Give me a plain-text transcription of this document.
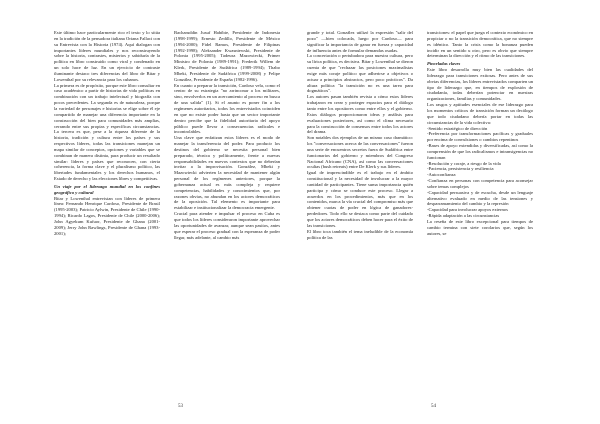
Este último hace particularmente rico el texto y lo sitúa en la tradición de la pensadora italiana Oriana Fallaci con su Entrevista con la Historia (1974). Aquí dialogan con importantes líderes mundiales y nos reconstruyendo sobre la historia, contrastes, misterios y sabiduría de la política en libro construido como viral y condenado en un solo hace de luz. En un ejercicio de contraste iluminante destaco tres diferencias del libro de Bitar y Lowenthal por su relevancia para los cubanos.

La primera es de propósito, porque este libro consultar en caso académico a partir de historias de vida políticas en combinación con un trabajo intelectual y biografía con pocos precedentes. La segunda es de naturaleza, porque la variedad de personajes e historias se elige sobre él eje compartido de manejar una diferencia importante en la construcción del bien para comunidades más amplias, cerrando entre sus propias y específicas circunstancias. La tercera es que, pese a la riqueza diferente de la historia, tradición y cultura entre los países y sus respectivos líderes, todas las transiciones manejan un mapa similar de conceptos, opciones y variables que se combinan de manera distinta, para producir un resultado similar: líderes y países que reconocen, con cierta coherencia, la forma clave y el pluralismo político, las libertades fundamentales y los derechos humanos, el Estado de derecho y las elecciones libres y competitivas.

Un viaje por el liderazgo mundial en los confines geográfico y cultural

Bitar y Lowenthal entrevistan con líderes de primera línea: Fernando Henrique Cardoso, Presidente de Brasil (1995-2003); Patricio Aylwin, Presidente de Chile (1990-1994); Ricardo Lagos, Presidente de Chile (2000-2006); John Agyekum Kufuor, Presidente de Ghana (2001-2009); Jerry John Rawlings, Presidente de Ghana (1993- 2001);

Bacharuddin Jusuf Habibie, Presidente de Indonesia (1998-1999); Ernesto Zedillo, Presidente de México (1994-2000); Fidel Ramos, Presidente de Filipinas (1992-1998); Aleksander Kwasniewski, Presidente de Polonia (1995-2005); Tadeusz Mazowiecki, Primer Ministro de Polonia (1989-1991); Frederik Willem de Klerk, Presidente de Sudáfrica (1989-1994); Thabo Mbeki, Presidente de Sudáfrica (1999-2008) y Felipe González, Presidente de España (1982-1996).

En cuanto a preparar la transición, Cardoso vela, como el centro de su estrategia "no arrinconar a los militares, sino, envolverlos en un acercamiento al proceso en busca de una salida" (1). Si el asunto es poner fin a los regímenes autoritarios, todos los entrevistados coinciden en que no existe poder hasta que un sector importante dentro percibe que la fidelidad autoritaria del apoyo público puede llevar a consecuencias radicales e incontrolables.

Una clave que enfatizan estos líderes es el modo de manejar la transferencia del poder. Para producir los destinos del gobierno se necesita personal bien preparado, técnica y políticamente, frente a nuevas responsabilidades en nuevos contextos que no deberían invitar a la improvisación. González, Mbeki y Mazowiecki advierten la necesidad de mantener algún personal de los regímenes anteriores, porque la gobernanza actual es más compleja y requiere competencias, habilidades y conocimientos que, por razones obvias, no abundan en los actores democráticos de la oposición. Tal elemento es importante para estabilizar e institucionalizar la democracia emergente.

Crucial para atender e impulsar el proceso en Cuba es que todos los líderes consideraron importante aprovechar las oportunidades de avanzar, aunque sean pasitos, antes que esperar el proceso gradual con la esperanza de poder llegar, más adelante, al cambio más

53

grande y total. González utilizó la expresión "salir del pozo" —bien colocada, luego por Cardoso— para significar la importancia de ganar en fuerza y capacidad de influencia antes de formular demandas osadas.

La concertación o pertubadora para nuestra cultura, pero su lírica política, es decisiva. Bitar y Lowenthal se dieron cuenta de que "rechazar las posiciones maximalistas exige más coraje político que adherirse a objetivos o actuar a principios abstractos, pero poco prácticos". Da altura política "la transición no es una tarea para dogmáticos".

Los autores pasan también revista a cómo estos líderes trabajaron en crear y proteger espacios para el diálogo tanto entre los opositores como entre ellos y el gobierno. Estos diálogos proporcionaron ideas y análisis para evaluaciones posteriores, así como el clima necesario para la construcción de consensos entre todos los actores del drama.

Son notables dos ejemplos de un mismo caso dramático: los "conversaciones acerca de las conversaciones" fueron una serie de encuentros secretos fuera de Sudáfrica entre funcionarios del gobierno y miembros del Congreso Nacional Africano (CNA), así como las conversaciones ocultas (bush retreats) entre De Klerk y sus líderes.

Igual de imprescindible es el trabajo en el ámbito constitucional y la necesidad de involucrar a la mayor cantidad de participantes. Tiene suma importancia quién participa y cómo se conduce este proceso. Llegar a acuerdos en los procedimientos, más que en los contenidos, marca la vía crucial del compromiso más que obtener cuotas de poder en lógica de ganadores-perdedores. Todo ello se destaca como parte del cuidado que los actores democráticos deben hacer para el éxito de las transiciones.

El libro toca también el tema ineludible de la economía política de las

transiciones: el papel que juega el contexto económico en propiciar o no la transición democrática, que no siempre es idéntico. Tanto la crisis como la bonanza pueden incidir en un sentido u otro, pero es obvio que siempre determinan la dirección y el ritmo de las transiciones.

Pinceladas claves

Este libro desarrolla muy bien las cualidades del liderazgo para transiciones exitosas. Pero antes de sus obvias diferencias, los líderes entrevistados comparten un tipo de liderazgo que, en tiempos de explosión de ciudadanía, todas deberían potenciar en nuestras organizaciones, familias y comunidades.

Los rasgos y aptitudes esenciales de ese liderazgo para los momentos críticos de transición forman un decálogo que todo ciudadano debería portar en todas las circunstancias de la vida colectiva:

-Sentido estratégico de dirección
-Preferencia por transformaciones pacíficas y graduales por encima de convulsiones o cambios repentinos
-Bases de apoyo extendidas y diversificadas, así como la comprensión de que los radicalismos e intransigencias no funcionan
-Resolución y coraje, a riesgo de la vida
-Paciencia, persistencia y resiliencia
-Autoconfianza
-Confianza en personas con competencia para aconsejar sobre temas complejos
-Capacidad persuasiva y de escucha, desde un lenguaje alternativo evaluado en medio de las tensiones y desparramamiento del cambio y la represión
-Capacidad para involucrar apoyos externos
-Rápida adaptación a las circunstancias

La reseña de este libro excepcional para tiempos de cambio termina con siete corolarios que, según los autores, se

54
